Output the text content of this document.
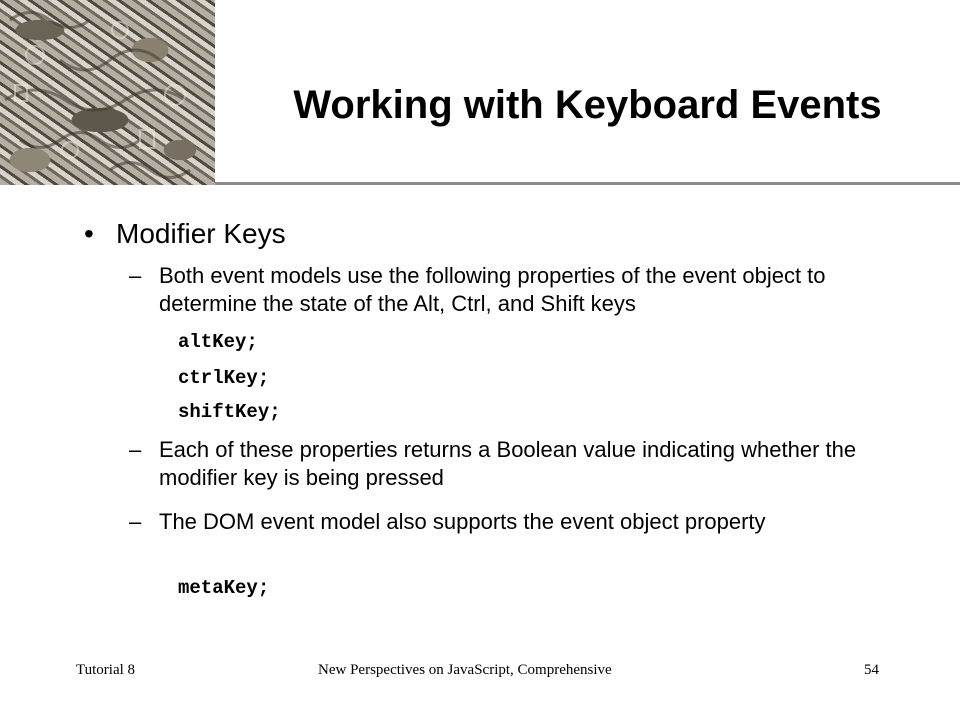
Working with Keyboard Events
• Modifier Keys
– Both event models use the following properties of the event object to determine the state of the Alt, Ctrl, and Shift keys
altKey;
ctrlKey;
shiftKey;
– Each of these properties returns a Boolean value indicating whether the modifier key is being pressed
– The DOM event model also supports the event object property
metaKey;
Tutorial 8	New Perspectives on JavaScript, Comprehensive	54
